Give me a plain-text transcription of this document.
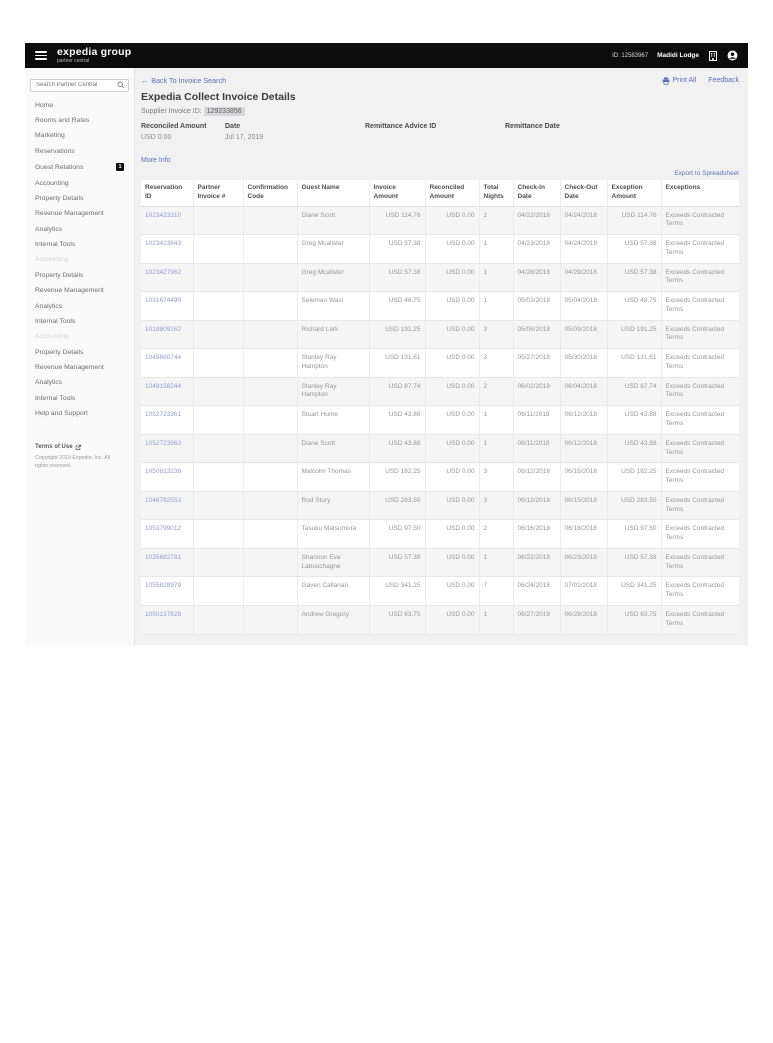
expedia group
partner central
ID: 12583967 Madidi Lodge
Search Partner Central
Home
Rooms and Rates
Marketing
Reservations
Guest Relations	1
Accounting
Property Details
Revenue Management
Analytics
Internal Tools
Accounting
Property Details
Revenue Management
Analytics
Internal Tools
Accounting
Property Details
Revenue Management
Analytics
Internal Tools
Help and Support
Terms of Use
Copyright 2019 Expedia, Inc. All rights reserved.
← Back To Invoice Search	Print All Feedback
Expedia Collect Invoice Details
Supplier Invoice ID: 129233856
Reconciled Amount
USD 0.00
Date
Jul 17, 2019
Remittance Advice ID	Remittance Date
More Info
Export to Spreadsheet
Reservation ID	Partner Invoice #	Confirmation Code	Guest Name	Invoice Amount	Reconciled Amount	Total Nights	Check-In Date	Check-Out Date	Exception Amount	Exceptions
1023423310			Diane Scott	USD 114.76	USD 0.00	2	04/22/2018	04/24/2018	USD 114.76	Exceeds Contracted Terms
1023423843			Greg Mcalister	USD 57.38	USD 0.00	1	04/23/2018	04/24/2018	USD 57.38	Exceeds Contracted Terms
1023427962			Greg Mcalister	USD 57.38	USD 0.00	1	04/28/2018	04/29/2018	USD 57.38	Exceeds Contracted Terms
1031674490			Seleman Wasi	USD 48.75	USD 0.00	1	05/03/2018	05/04/2018	USD 48.75	Exceeds Contracted Terms
1018809162			Richard Lark	USD 191.25	USD 0.00	3	05/06/2018	05/09/2018	USD 191.25	Exceeds Contracted Terms
1045860744			Stanley Ray Hampton	USD 131.61	USD 0.00	3	05/27/2018	05/30/2018	USD 131.61	Exceeds Contracted Terms
1049158244			Stanley Ray Hampton	USD 87.74	USD 0.00	2	06/02/2018	06/04/2018	USD 87.74	Exceeds Contracted Terms
1052723361			Stuart Hume	USD 43.88	USD 0.00	1	06/11/2018	06/12/2018	USD 43.88	Exceeds Contracted Terms
1052723963			Diane Scott	USD 43.88	USD 0.00	1	06/11/2018	06/12/2018	USD 43.88	Exceeds Contracted Terms
1050813236			Malcolm Thomas	USD 182.25	USD 0.00	3	06/12/2018	06/15/2018	USD 182.25	Exceeds Contracted Terms
1046782553			Rod Story	USD 283.50	USD 0.00	3	06/12/2018	06/15/2018	USD 283.50	Exceeds Contracted Terms
1053799012			Tasuku Matsumura	USD 97.50	USD 0.00	2	06/16/2018	06/18/2018	USD 97.50	Exceeds Contracted Terms
1035682781			Shannon Eva Labuschagne	USD 57.38	USD 0.00	1	06/22/2018	06/23/2018	USD 57.38	Exceeds Contracted Terms
1055828979			Gaven Callanan	USD 341.25	USD 0.00	7	06/24/2018	07/01/2018	USD 341.25	Exceeds Contracted Terms
1050137628			Andrew Gregory	USD 63.75	USD 0.00	1	06/27/2018	06/28/2018	USD 63.75	Exceeds Contracted Terms
